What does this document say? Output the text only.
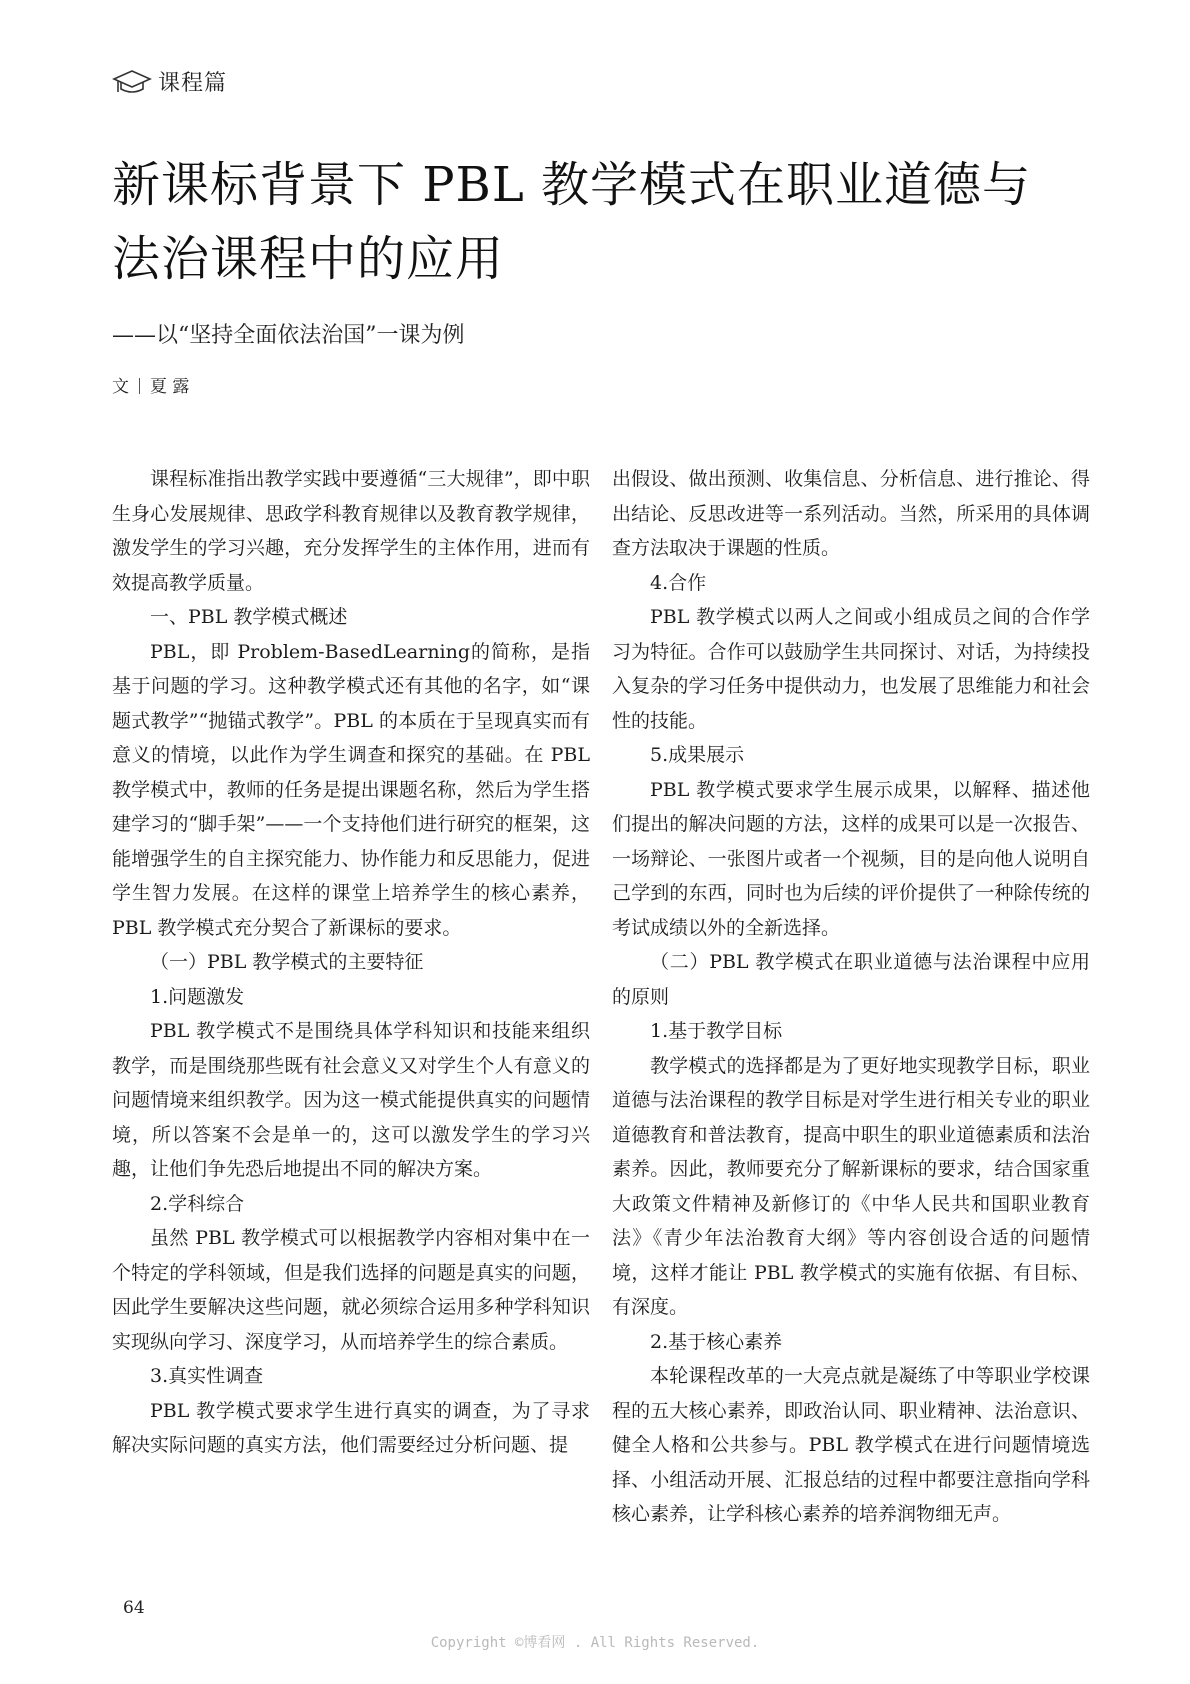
课程篇
新课标背景下 PBL 教学模式在职业道德与
法治课程中的应用
——以“坚持全面依法治国”一课为例
文 夏 露

课程标准指出教学实践中要遵循“三大规律”，即中职生身心发展规律、思政学科教育规律以及教育教学规律，激发学生的学习兴趣，充分发挥学生的主体作用，进而有效提高教学质量。

一、PBL 教学模式概述

PBL，即 Problem-BasedLearning的简称，是指基于问题的学习。这种教学模式还有其他的名字，如“课题式教学”“抛锚式教学”。PBL 的本质在于呈现真实而有意义的情境，以此作为学生调查和探究的基础。在 PBL 教学模式中，教师的任务是提出课题名称，然后为学生搭建学习的“脚手架”——一个支持他们进行研究的框架，这能增强学生的自主探究能力、协作能力和反思能力，促进学生智力发展。在这样的课堂上培养学生的核心素养，PBL 教学模式充分契合了新课标的要求。

（一）PBL 教学模式的主要特征

1.问题激发

PBL 教学模式不是围绕具体学科知识和技能来组织教学，而是围绕那些既有社会意义又对学生个人有意义的问题情境来组织教学。因为这一模式能提供真实的问题情境，所以答案不会是单一的，这可以激发学生的学习兴趣，让他们争先恐后地提出不同的解决方案。

2.学科综合

虽然 PBL 教学模式可以根据教学内容相对集中在一个特定的学科领域，但是我们选择的问题是真实的问题，因此学生要解决这些问题，就必须综合运用多种学科知识实现纵向学习、深度学习，从而培养学生的综合素质。

3.真实性调查

PBL 教学模式要求学生进行真实的调查，为了寻求解决实际问题的真实方法，他们需要经过分析问题、提

出假设、做出预测、收集信息、分析信息、进行推论、得出结论、反思改进等一系列活动。当然，所采用的具体调查方法取决于课题的性质。

4.合作

PBL 教学模式以两人之间或小组成员之间的合作学习为特征。合作可以鼓励学生共同探讨、对话，为持续投入复杂的学习任务中提供动力，也发展了思维能力和社会性的技能。

5.成果展示

PBL 教学模式要求学生展示成果，以解释、描述他们提出的解决问题的方法，这样的成果可以是一次报告、一场辩论、一张图片或者一个视频，目的是向他人说明自己学到的东西，同时也为后续的评价提供了一种除传统的考试成绩以外的全新选择。

（二）PBL 教学模式在职业道德与法治课程中应用的原则

1.基于教学目标

教学模式的选择都是为了更好地实现教学目标，职业道德与法治课程的教学目标是对学生进行相关专业的职业道德教育和普法教育，提高中职生的职业道德素质和法治素养。因此，教师要充分了解新课标的要求，结合国家重大政策文件精神及新修订的《中华人民共和国职业教育法》《青少年法治教育大纲》等内容创设合适的问题情境，这样才能让 PBL 教学模式的实施有依据、有目标、有深度。

2.基于核心素养

本轮课程改革的一大亮点就是凝练了中等职业学校课程的五大核心素养，即政治认同、职业精神、法治意识、健全人格和公共参与。PBL 教学模式在进行问题情境选择、小组活动开展、汇报总结的过程中都要注意指向学科核心素养，让学科核心素养的培养润物细无声。

64
Copyright ©博看网 . All Rights Reserved.
